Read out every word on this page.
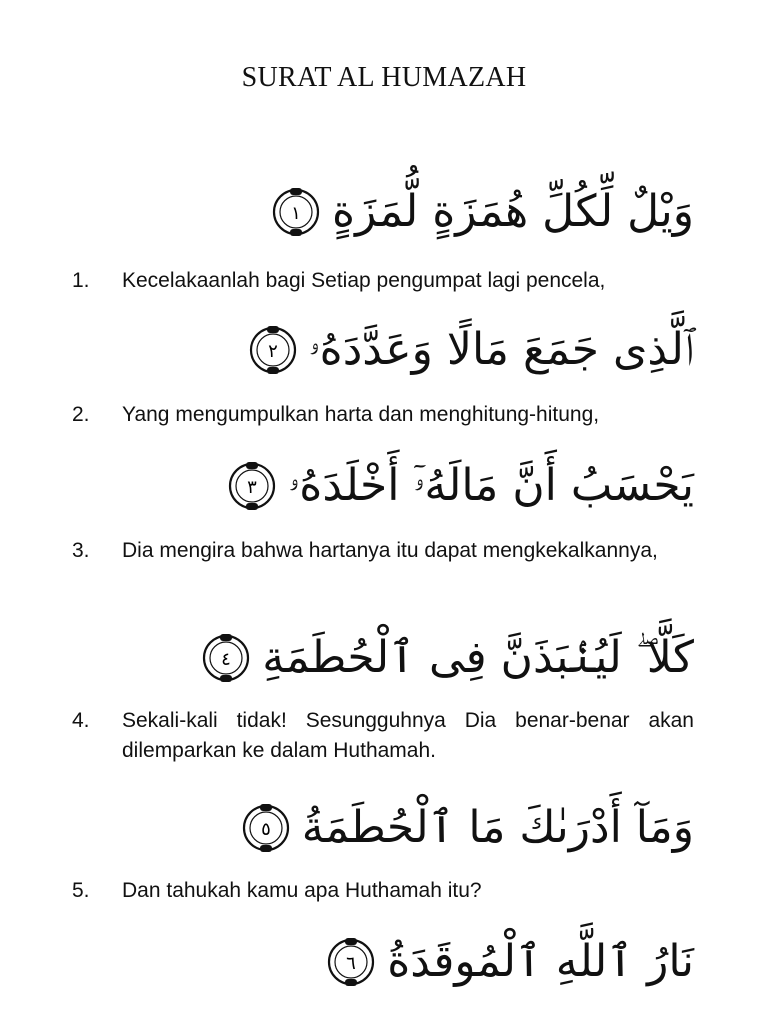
SURAT AL HUMAZAH
وَيْلٌ لِّكُلِّ هُمَزَةٍ لُّمَزَةٍ
١
1.	Kecelakaanlah bagi Setiap pengumpat lagi pencela,
ٱلَّذِى جَمَعَ مَالًا وَعَدَّدَهُۥ
٢
2.	Yang mengumpulkan harta dan menghitung-hitung,
يَحْسَبُ أَنَّ مَالَهُۥٓ أَخْلَدَهُۥ
٣
3.	Dia mengira bahwa hartanya itu dapat mengkekalkannya,
كَلَّا ۖ لَيُنۢبَذَنَّ فِى ٱلْحُطَمَةِ
٤
4.	Sekali-kali tidak! Sesungguhnya Dia benar-benar akan dilemparkan ke dalam Huthamah.
وَمَآ أَدْرَىٰكَ مَا ٱلْحُطَمَةُ
٥
5.	Dan tahukah kamu apa Huthamah itu?
نَارُ ٱللَّهِ ٱلْمُوقَدَةُ
٦
